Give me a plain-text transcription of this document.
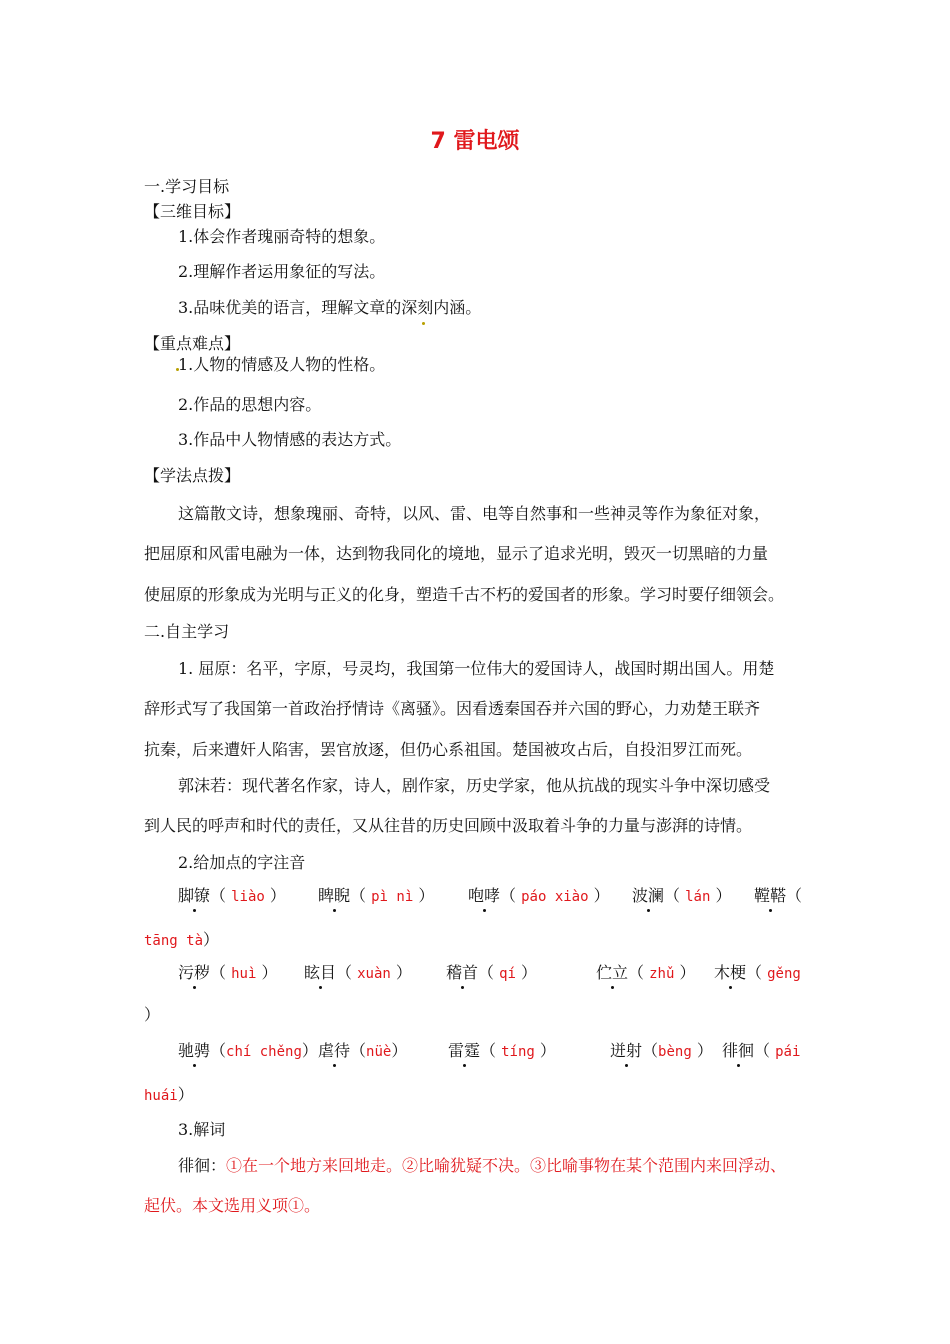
7 雷电颂
一.学习目标
【三维目标】
1.体会作者瑰丽奇特的想象。
2.理解作者运用象征的写法。
3.品味优美的语言，理解文章的深刻内涵。
【重点难点】
1.人物的情感及人物的性格。
2.作品的思想内容。
3.作品中人物情感的表达方式。
【学法点拨】
这篇散文诗，想象瑰丽、奇特，以风、雷、电等自然事和一些神灵等作为象征对象，
把屈原和风雷电融为一体，达到物我同化的境地，显示了追求光明，毁灭一切黑暗的力量
使屈原的形象成为光明与正义的化身，塑造千古不朽的爱国者的形象。学习时要仔细领会。
二.自主学习
1. 屈原：名平，字原，号灵均，我国第一位伟大的爱国诗人，战国时期出国人。用楚
辞形式写了我国第一首政治抒情诗《离骚》。因看透秦国吞并六国的野心，力劝楚王联齐
抗秦，后来遭奸人陷害，罢官放逐，但仍心系祖国。楚国被攻占后，自投汨罗江而死。
郭沫若：现代著名作家，诗人，剧作家，历史学家，他从抗战的现实斗争中深切感受
到人民的呼声和时代的责任，又从往昔的历史回顾中汲取着斗争的力量与澎湃的诗情。
2.给加点的字注音
脚镣 （ liào ） 睥睨（ pì nì ） 咆哮（ páo xiào ） 波澜（ lán ） 鞺鞳（
tāng tà）
污秽（ huì ） 眩目（ xuàn ） 稽首（ qí ）	伫立（ zhǔ ） 木梗（ gěng
）
驰骋（chí chěng） 虐待（nüè）	雷霆（ tíng ）	迸射（bèng ） 徘徊（ pái
huái）
3.解词
徘徊：①在一个地方来回地走。②比喻犹疑不决。③比喻事物在某个范围内来回浮动、
起伏。本文选用义项①。
